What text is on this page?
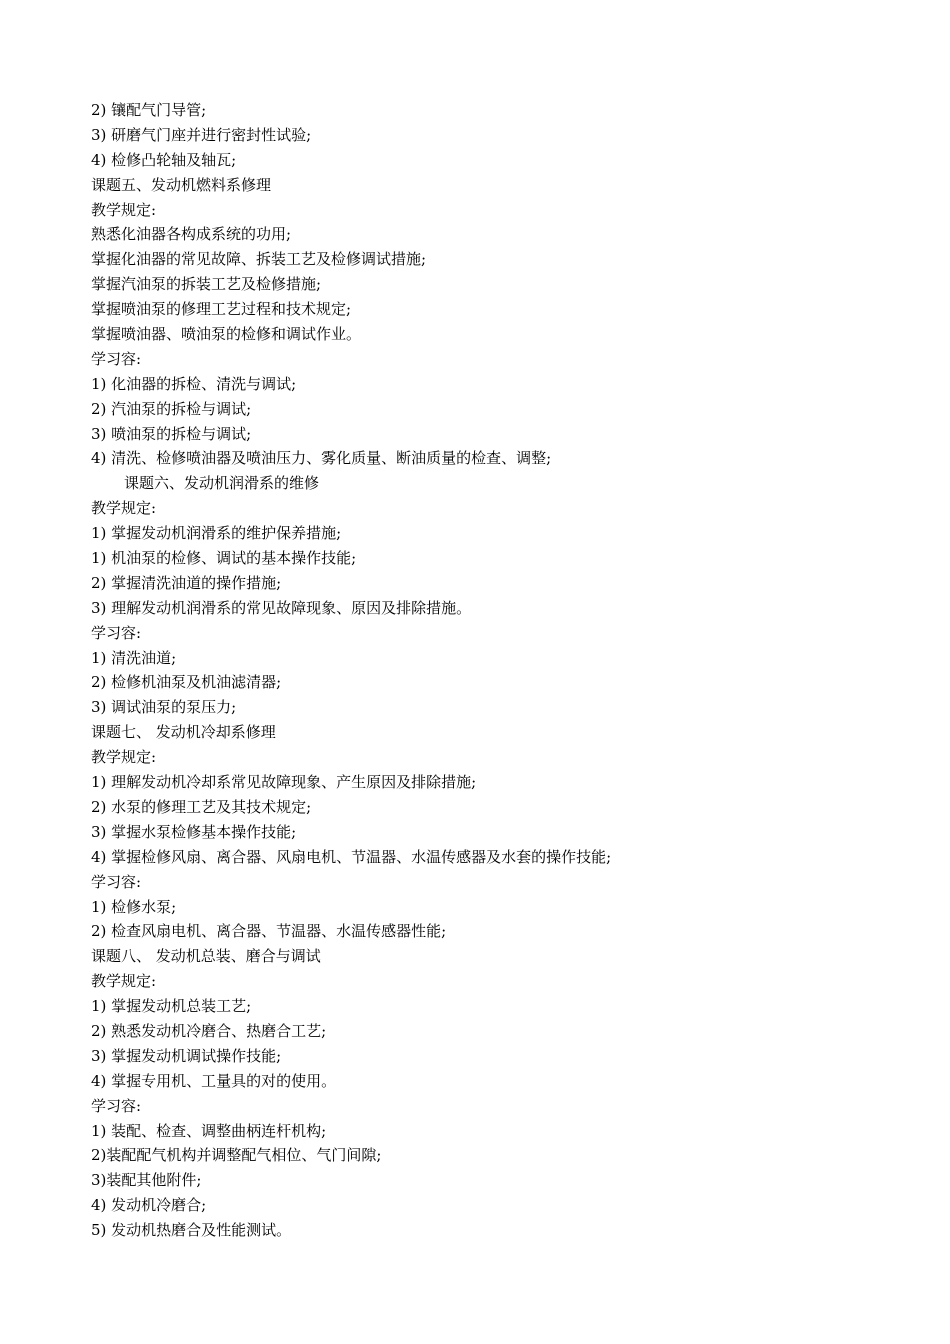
2) 镶配气门导管;
3) 研磨气门座并进行密封性试验;
4) 检修凸轮轴及轴瓦;
课题五、发动机燃料系修理
教学规定:
熟悉化油器各构成系统的功用;
掌握化油器的常见故障、拆装工艺及检修调试措施;
掌握汽油泵的拆装工艺及检修措施;
掌握喷油泵的修理工艺过程和技术规定;
掌握喷油器、喷油泵的检修和调试作业。
学习容:
1) 化油器的拆检、清洗与调试;
2) 汽油泵的拆检与调试;
3) 喷油泵的拆检与调试;
4) 清洗、检修喷油器及喷油压力、雾化质量、断油质量的检查、调整;
课题六、发动机润滑系的维修
教学规定:
1) 掌握发动机润滑系的维护保养措施;
1) 机油泵的检修、调试的基本操作技能;
2) 掌握清洗油道的操作措施;
3) 理解发动机润滑系的常见故障现象、原因及排除措施。
学习容:
1) 清洗油道;
2) 检修机油泵及机油滤清器;
3) 调试油泵的泵压力;
课题七、 发动机冷却系修理
教学规定:
1) 理解发动机冷却系常见故障现象、产生原因及排除措施;
2) 水泵的修理工艺及其技术规定;
3) 掌握水泵检修基本操作技能;
4) 掌握检修风扇、离合器、风扇电机、节温器、水温传感器及水套的操作技能;
学习容:
1) 检修水泵;
2) 检查风扇电机、离合器、节温器、水温传感器性能;
课题八、 发动机总装、磨合与调试
教学规定:
1) 掌握发动机总装工艺;
2) 熟悉发动机冷磨合、热磨合工艺;
3) 掌握发动机调试操作技能;
4) 掌握专用机、工量具的对的使用。
学习容:
1) 装配、检查、调整曲柄连杆机构;
2)装配配气机构并调整配气相位、气门间隙;
3)装配其他附件;
4) 发动机冷磨合;
5) 发动机热磨合及性能测试。
